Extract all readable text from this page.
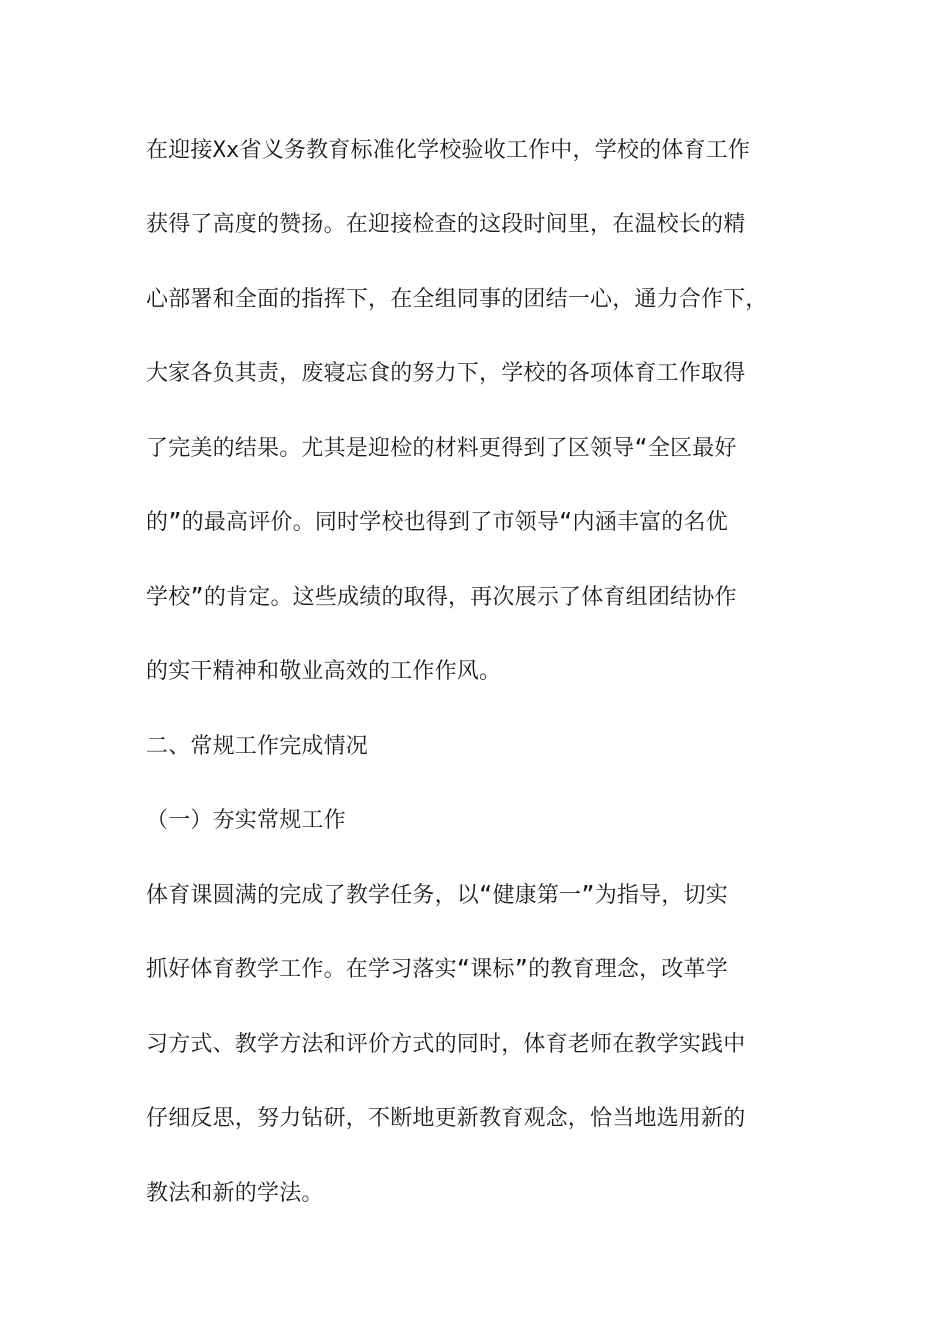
在迎接Xx省义务教育标准化学校验收工作中，学校的体育工作
获得了高度的赞扬。在迎接检查的这段时间里，在温校长的精
心部署和全面的指挥下，在全组同事的团结一心，通力合作下，
大家各负其责，废寝忘食的努力下，学校的各项体育工作取得
了完美的结果。尤其是迎检的材料更得到了区领导“全区最好
的”的最高评价。同时学校也得到了市领导“内涵丰富的名优
学校”的肯定。这些成绩的取得，再次展示了体育组团结协作
的实干精神和敬业高效的工作作风。
二、常规工作完成情况
（一）夯实常规工作
体育课圆满的完成了教学任务，以“健康第一”为指导，切实
抓好体育教学工作。在学习落实“课标”的教育理念，改革学
习方式、教学方法和评价方式的同时，体育老师在教学实践中
仔细反思，努力钻研，不断地更新教育观念，恰当地选用新的
教法和新的学法。
